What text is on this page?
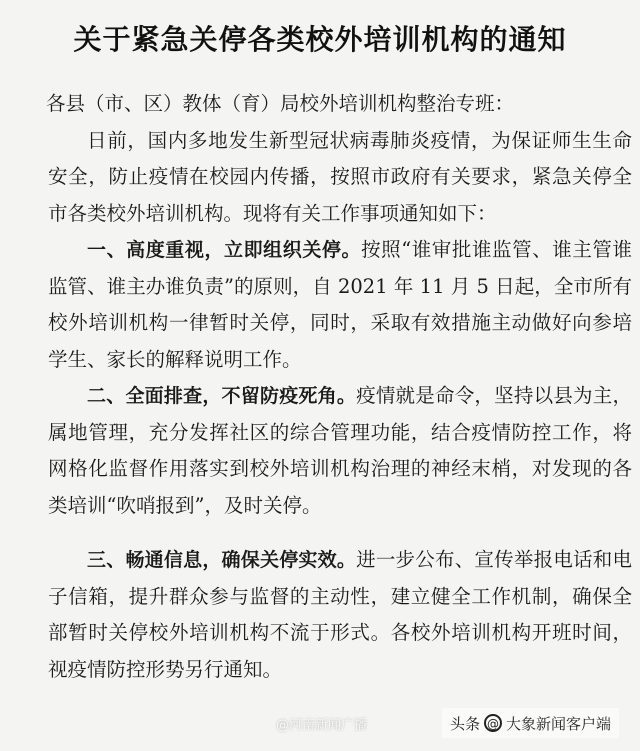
关于紧急关停各类校外培训机构的通知

各县（市、区）教体（育）局校外培训机构整治专班：

日前，国内多地发生新型冠状病毒肺炎疫情，为保证师生生命安全，防止疫情在校园内传播，按照市政府有关要求，紧急关停全市各类校外培训机构。现将有关工作事项通知如下：

一、高度重视，立即组织关停。按照“谁审批谁监管、谁主管谁监管、谁主办谁负责”的原则，自 2021 年 11 月 5 日起，全市所有校外培训机构一律暂时关停，同时，采取有效措施主动做好向参培学生、家长的解释说明工作。

二、全面排查，不留防疫死角。疫情就是命令，坚持以县为主，属地管理，充分发挥社区的综合管理功能，结合疫情防控工作，将网格化监督作用落实到校外培训机构治理的神经末梢，对发现的各类培训“吹哨报到”，及时关停。

三、畅通信息，确保关停实效。进一步公布、宣传举报电话和电子信箱，提升群众参与监督的主动性，建立健全工作机制，确保全部暂时关停校外培训机构不流于形式。各校外培训机构开班时间，视疫情防控形势另行通知。

@河南新闻广播	头条 @ 大象新闻客户端
